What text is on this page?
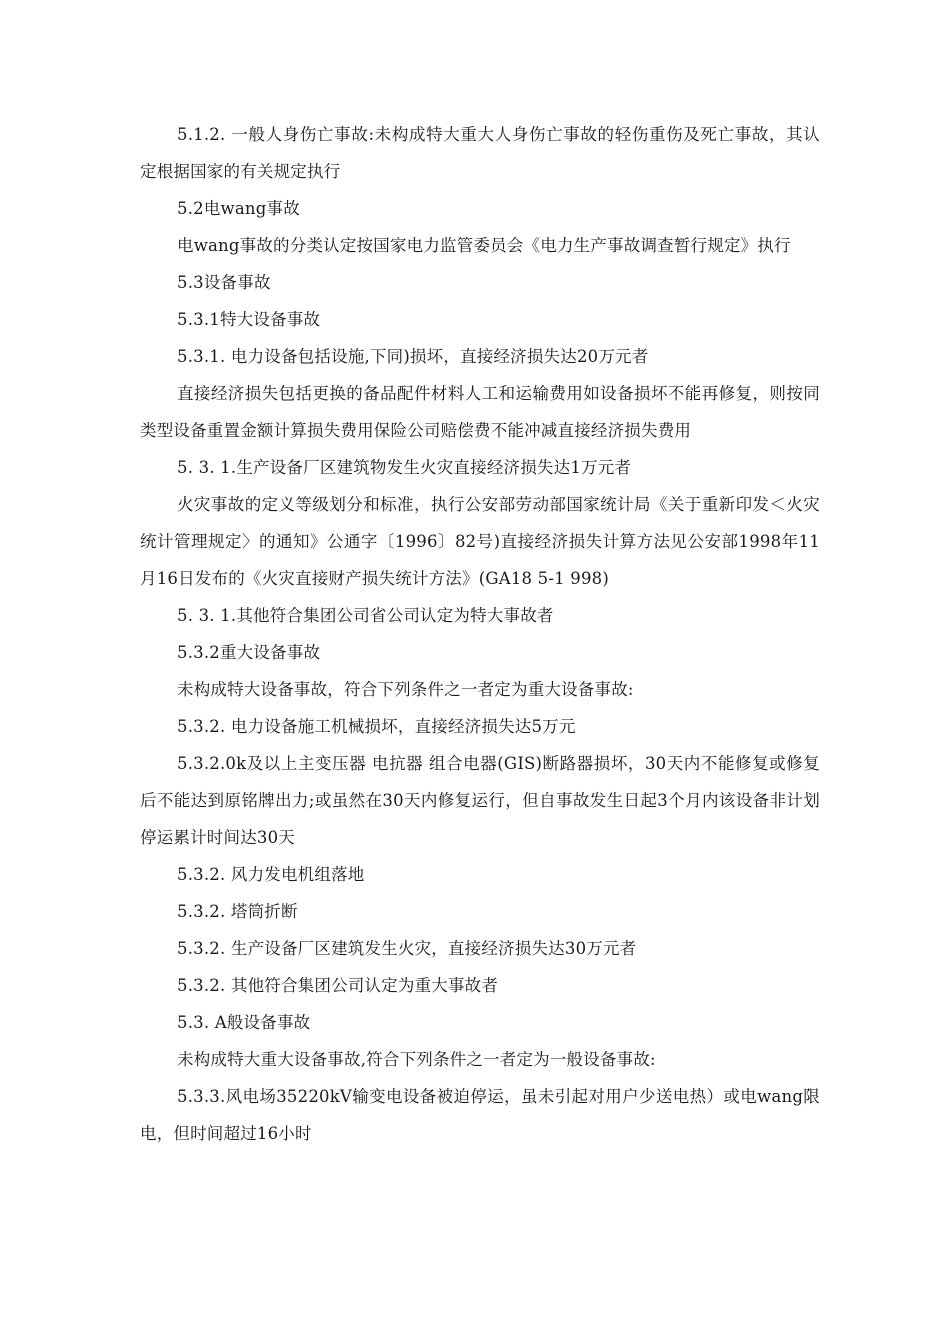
5.1.2. 一般人身伤亡事故:未构成特大重大人身伤亡事故的轻伤重伤及死亡事故，其认定根据国家的有关规定执行

5.2电wang事故

电wang事故的分类认定按国家电力监管委员会《电力生产事故调查暂行规定》执行

5.3设备事故

5.3.1特大设备事故

5.3.1. 电力设备包括设施,下同)损坏，直接经济损失达20万元者

直接经济损失包括更换的备品配件材料人工和运输费用如设备损坏不能再修复，则按同类型设备重置金额计算损失费用保险公司赔偿费不能冲减直接经济损失费用

5. 3. 1.生产设备厂区建筑物发生火灾直接经济损失达1万元者

火灾事故的定义等级划分和标准，执行公安部劳动部国家统计局《关于重新印发＜火灾统计管理规定〉的通知》公通字〔1996〕82号)直接经济损失计算方法见公安部1998年11月16日发布的《火灾直接财产损失统计方法》(GA18 5-1 998)

5. 3. 1.其他符合集团公司省公司认定为特大事故者

5.3.2重大设备事故

未构成特大设备事故，符合下列条件之一者定为重大设备事故:

5.3.2. 电力设备施工机械损坏，直接经济损失达5万元

5.3.2.0k及以上主变压器 电抗器 组合电器(GIS)断路器损坏，30天内不能修复或修复后不能达到原铭牌出力;或虽然在30天内修复运行，但自事故发生日起3个月内该设备非计划停运累计时间达30天

5.3.2. 风力发电机组落地

5.3.2. 塔筒折断

5.3.2. 生产设备厂区建筑发生火灾，直接经济损失达30万元者

5.3.2. 其他符合集团公司认定为重大事故者

5.3. A般设备事故

未构成特大重大设备事故,符合下列条件之一者定为一般设备事故:

5.3.3.风电场35220kV输变电设备被迫停运，虽未引起对用户少送电热）或电wang限电，但时间超过16小时
